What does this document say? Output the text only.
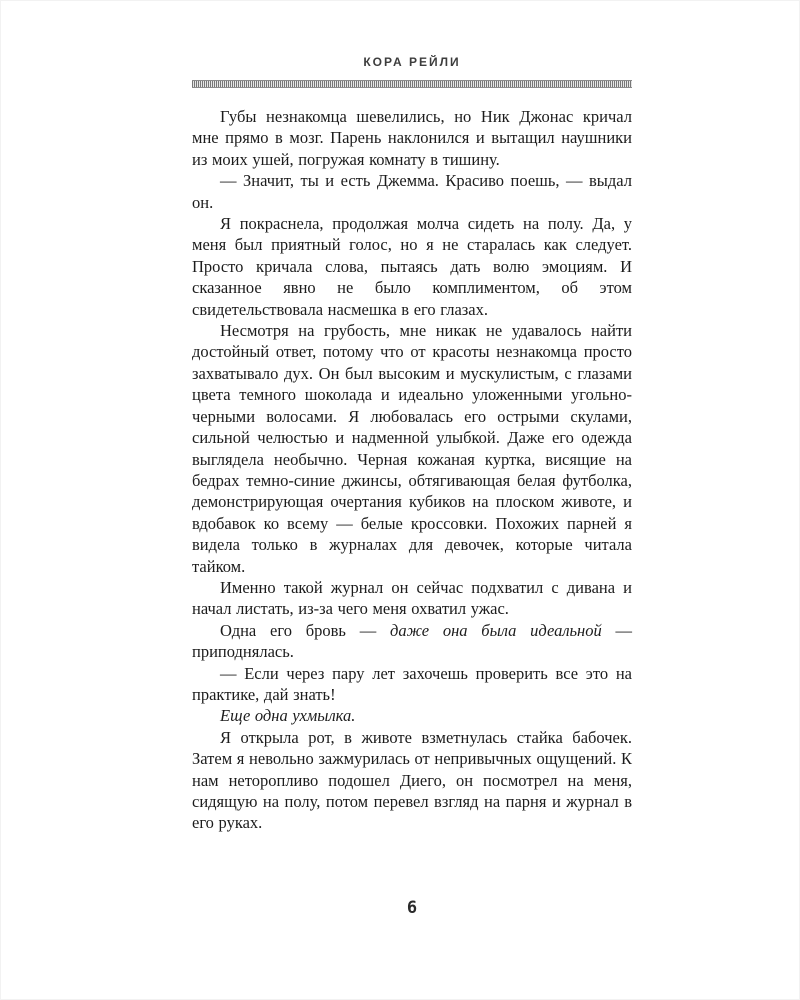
КОРА РЕЙЛИ

Губы незнакомца шевелились, но Ник Джонас кричал мне прямо в мозг. Парень наклонился и вытащил наушники из моих ушей, погружая комнату в тишину.

— Значит, ты и есть Джемма. Красиво поешь, — выдал он.

Я покраснела, продолжая молча сидеть на полу. Да, у меня был приятный голос, но я не старалась как следует. Просто кричала слова, пытаясь дать волю эмоциям. И сказанное явно не было комплиментом, об этом свидетельствовала насмешка в его глазах.

Несмотря на грубость, мне никак не удавалось найти достойный ответ, потому что от красоты незнакомца просто захватывало дух. Он был высоким и мускулистым, с глазами цвета темного шоколада и идеально уложенными угольно-черными волосами. Я любовалась его острыми скулами, сильной челюстью и надменной улыбкой. Даже его одежда выглядела необычно. Черная кожаная куртка, висящие на бедрах темно-синие джинсы, обтягивающая белая футболка, демонстрирующая очертания кубиков на плоском животе, и вдобавок ко всему — белые кроссовки. Похожих парней я видела только в журналах для девочек, которые читала тайком.

Именно такой журнал он сейчас подхватил с дивана и начал листать, из-за чего меня охватил ужас.

Одна его бровь — даже она была идеальной — приподнялась.

— Если через пару лет захочешь проверить все это на практике, дай знать!

Еще одна ухмылка.

Я открыла рот, в животе взметнулась стайка бабочек. Затем я невольно зажмурилась от непривычных ощущений. К нам неторопливо подошел Диего, он посмотрел на меня, сидящую на полу, потом перевел взгляд на парня и журнал в его руках.

6
